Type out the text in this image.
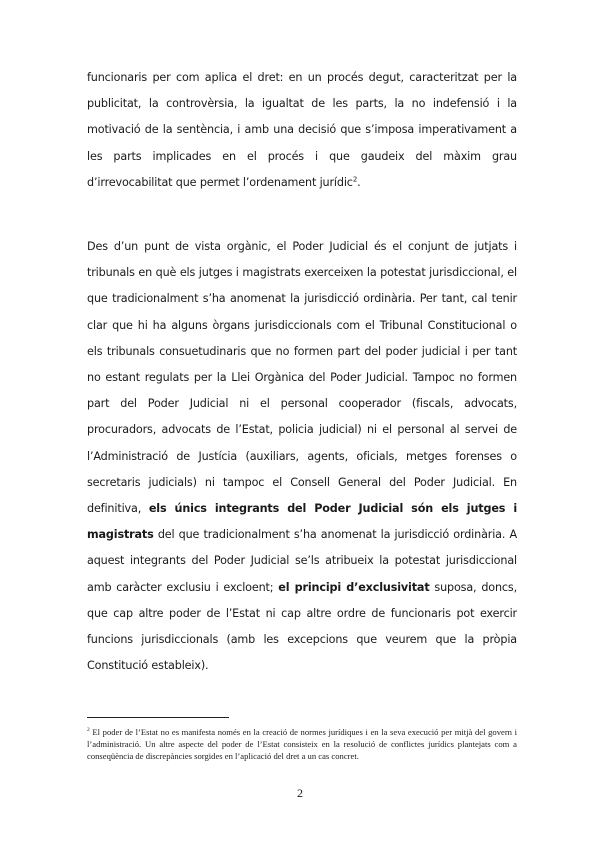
funcionaris per com aplica el dret: en un procés degut, caracteritzat per la publicitat, la controvèrsia, la igualtat de les parts, la no indefensió i la motivació de la sentència, i amb una decisió que s’imposa imperativament a les parts implicades en el procés i que gaudeix del màxim grau d’irrevocabilitat que permet l’ordenament jurídic$^2$.

Des d’un punt de vista orgànic, el Poder Judicial és el conjunt de jutjats i tribunals en què els jutges i magistrats exerceixen la potestat jurisdiccional, el que tradicionalment s’ha anomenat la jurisdicció ordinària. Per tant, cal tenir clar que hi ha alguns òrgans jurisdiccionals com el Tribunal Constitucional o els tribunals consuetudinaris que no formen part del poder judicial i per tant no estant regulats per la Llei Orgànica del Poder Judicial. Tampoc no formen part del Poder Judicial ni el personal cooperador (fiscals, advocats, procuradors, advocats de l’Estat, policia judicial) ni el personal al servei de l’Administració de Justícia (auxiliars, agents, oficials, metges forenses o secretaris judicials) ni tampoc el Consell General del Poder Judicial. En definitiva, els únics integrants del Poder Judicial són els jutges i magistrats del que tradicionalment s’ha anomenat la jurisdicció ordinària. A aquest integrants del Poder Judicial se’ls atribueix la potestat jurisdiccional amb caràcter exclusiu i excloent; el principi d’exclusivitat suposa, doncs, que cap altre poder de l’Estat ni cap altre ordre de funcionaris pot exercir funcions jurisdiccionals (amb les excepcions que veurem que la pròpia Constitució estableix).

$^2$ El poder de l’Estat no es manifesta només en la creació de normes jurídiques i en la seva execució per mitjà del govern i l’administració. Un altre aspecte del poder de l’Estat consisteix en la resolució de conflictes jurídics plantejats com a conseqüència de discrepàncies sorgides en l’aplicació del dret a un cas concret.

2
